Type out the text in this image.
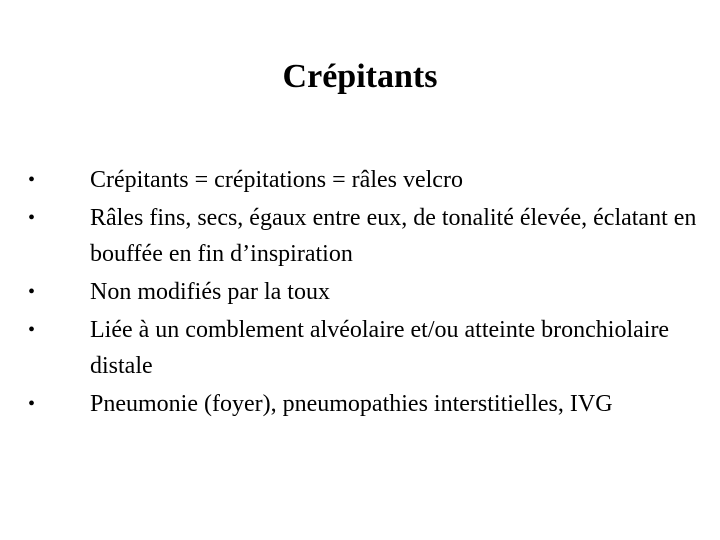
Crépitants
• Crépitants = crépitations = râles velcro
• Râles fins, secs, égaux entre eux, de tonalité élevée, éclatant en bouffée en fin d’inspiration
• Non modifiés par la toux
• Liée à un comblement alvéolaire et/ou atteinte bronchiolaire distale
• Pneumonie (foyer), pneumopathies interstitielles, IVG
